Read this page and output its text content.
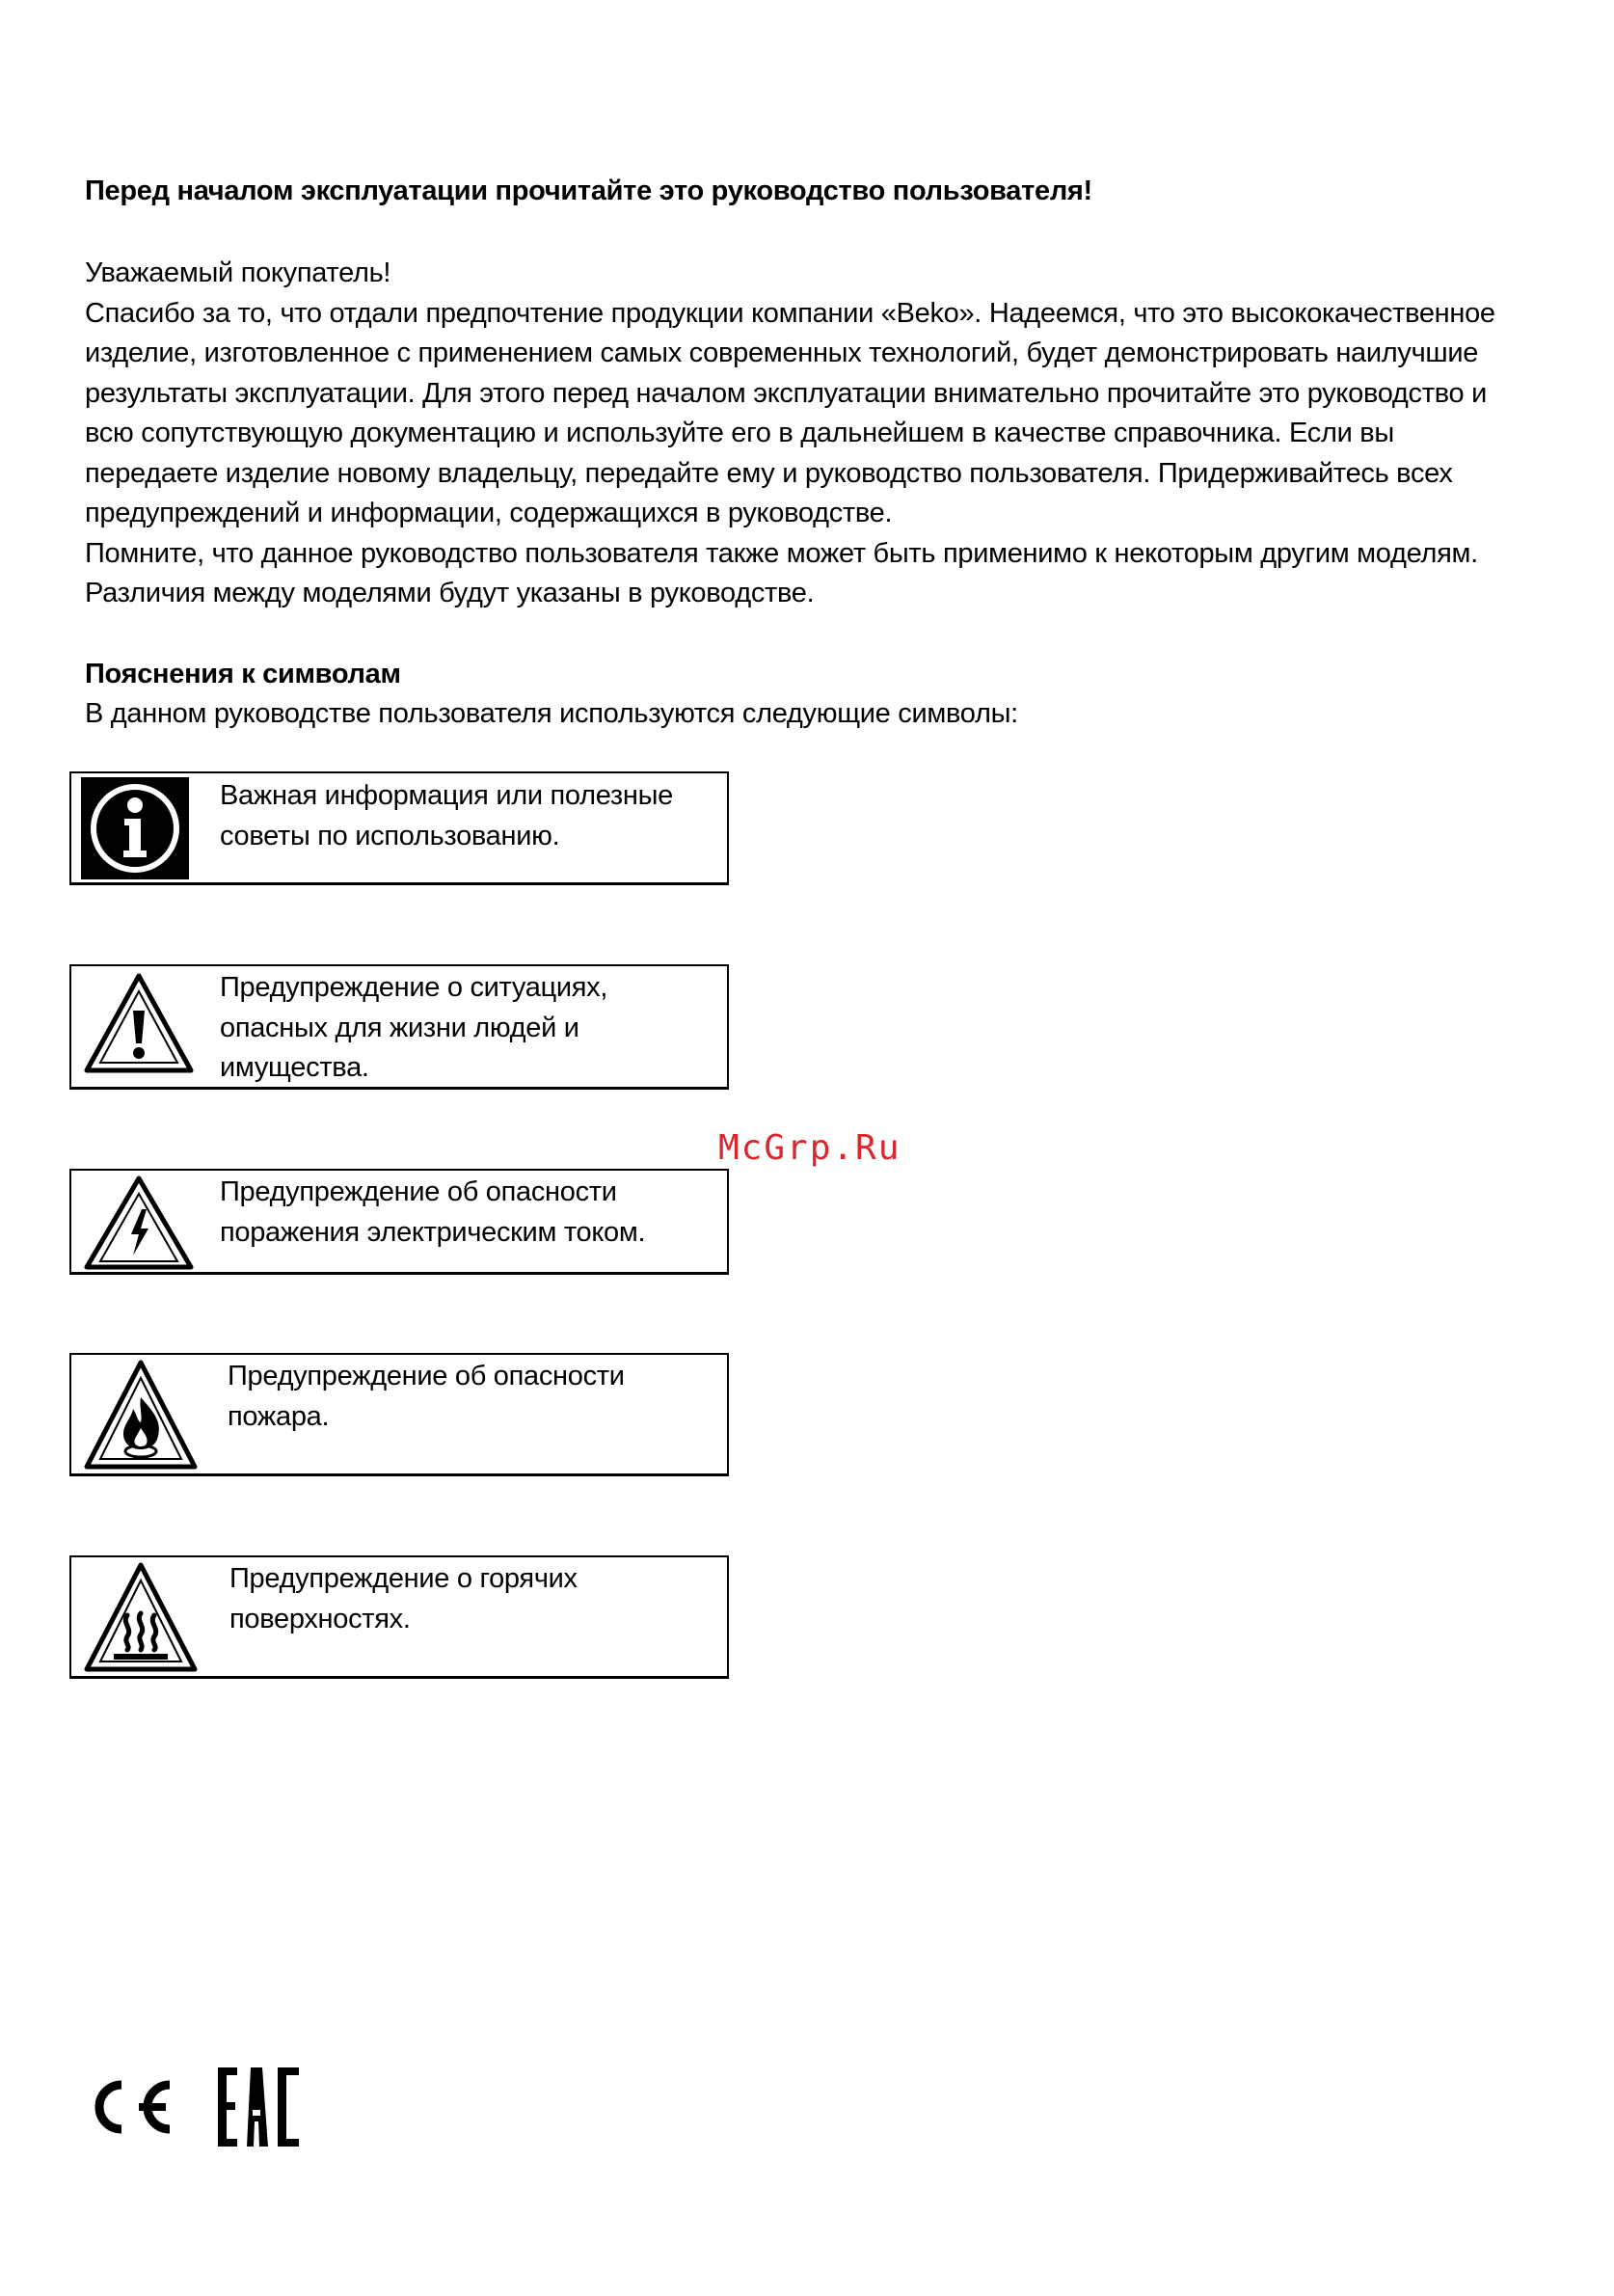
Перед началом эксплуатации прочитайте это руководство пользователя!

Уважаемый покупатель!

Спасибо за то, что отдали предпочтение продукции компании «Beko». Надеемся, что это высококачественное изделие, изготовленное с применением самых современных технологий, будет демонстрировать наилучшие результаты эксплуатации. Для этого перед началом эксплуатации внимательно прочитайте это руководство и всю сопутствующую документацию и используйте его в дальнейшем в качестве справочника. Если вы передаете изделие новому владельцу, передайте ему и руководство пользователя. Придерживайтесь всех предупреждений и информации, содержащихся в руководстве.

Помните, что данное руководство пользователя также может быть применимо к некоторым другим моделям. Различия между моделями будут указаны в руководстве.

Пояснения к символам
В данном руководстве пользователя используются следующие символы:
Важная информация или полезные советы по использованию.
Предупреждение о ситуациях, опасных для жизни людей и имущества.
Предупреждение об опасности поражения электрическим током.
Предупреждение об опасности пожара.
Предупреждение о горячих поверхностях.
McGrp.Ru
